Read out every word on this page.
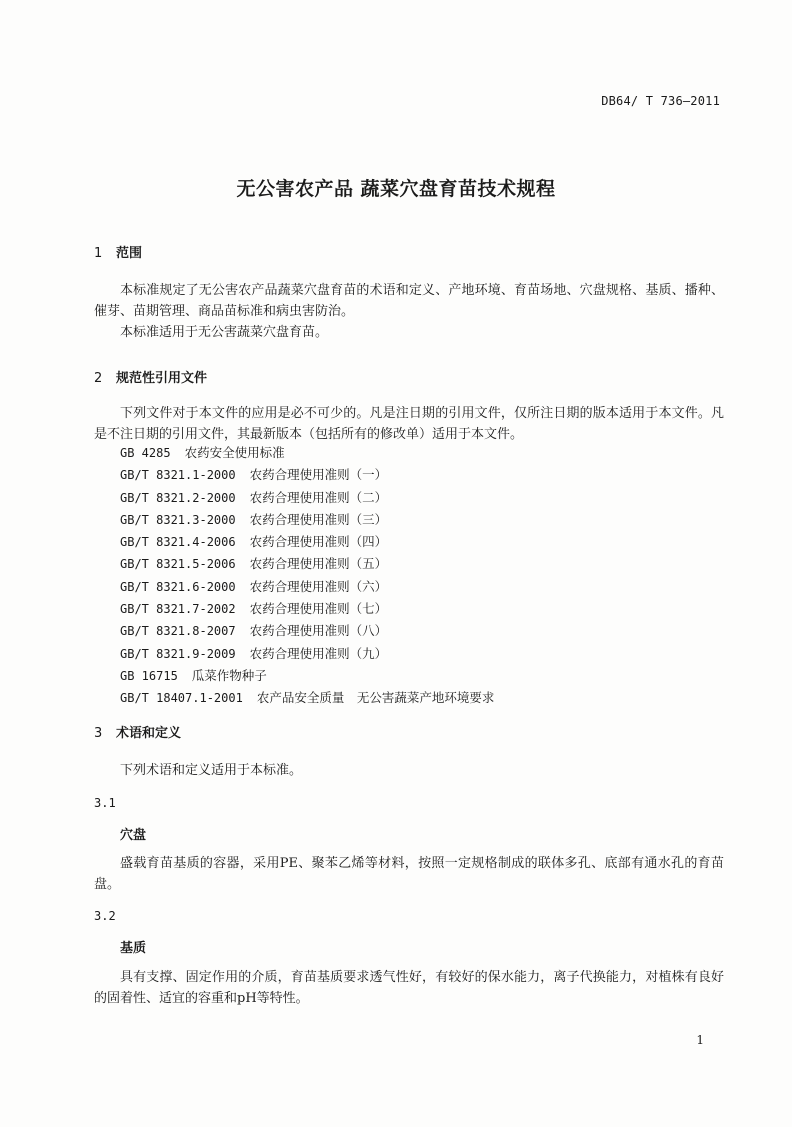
DB64/ T 736—2011
无公害农产品 蔬菜穴盘育苗技术规程
1 范围
本标准规定了无公害农产品蔬菜穴盘育苗的术语和定义、产地环境、育苗场地、穴盘规格、基质、播种、催芽、苗期管理、商品苗标准和病虫害防治。
本标准适用于无公害蔬菜穴盘育苗。
2 规范性引用文件
下列文件对于本文件的应用是必不可少的。凡是注日期的引用文件，仅所注日期的版本适用于本文件。凡是不注日期的引用文件，其最新版本（包括所有的修改单）适用于本文件。
GB 4285 农药安全使用标准
GB/T 8321.1-2000 农药合理使用准则（一）
GB/T 8321.2-2000 农药合理使用准则（二）
GB/T 8321.3-2000 农药合理使用准则（三）
GB/T 8321.4-2006 农药合理使用准则（四）
GB/T 8321.5-2006 农药合理使用准则（五）
GB/T 8321.6-2000 农药合理使用准则（六）
GB/T 8321.7-2002 农药合理使用准则（七）
GB/T 8321.8-2007 农药合理使用准则（八）
GB/T 8321.9-2009 农药合理使用准则（九）
GB 16715 瓜菜作物种子
GB/T 18407.1-2001 农产品安全质量　无公害蔬菜产地环境要求
3 术语和定义
下列术语和定义适用于本标准。
3.1
穴盘
盛载育苗基质的容器，采用PE、聚苯乙烯等材料，按照一定规格制成的联体多孔、底部有通水孔的育苗盘。
3.2
基质
具有支撑、固定作用的介质，育苗基质要求透气性好，有较好的保水能力，离子代换能力，对植株有良好的固着性、适宜的容重和pH等特性。
1
